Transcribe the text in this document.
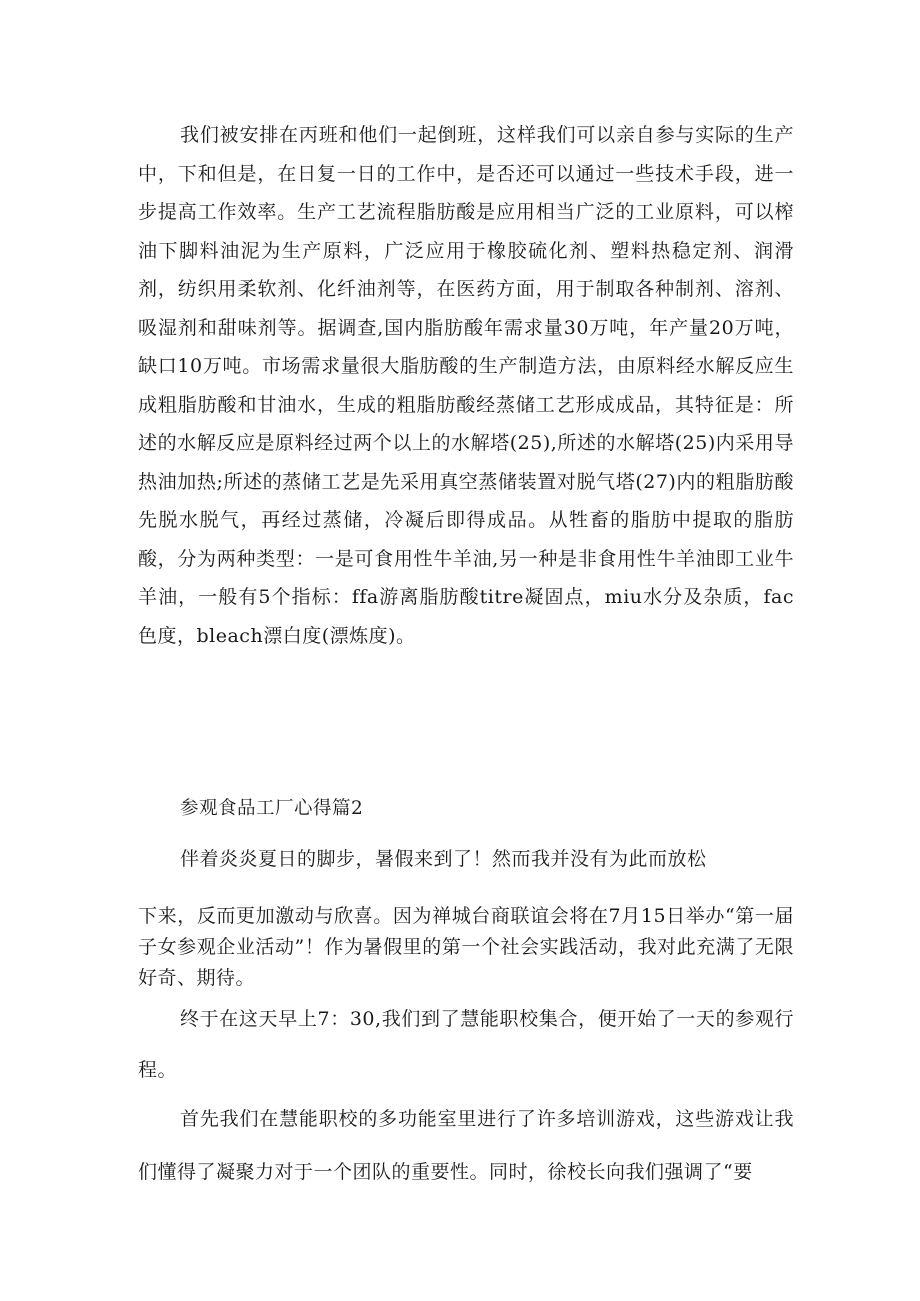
我们被安排在丙班和他们一起倒班，这样我们可以亲自参与实际的生产中，下和但是，在日复一日的工作中，是否还可以通过一些技术手段，进一步提高工作效率。生产工艺流程脂肪酸是应用相当广泛的工业原料，可以榨油下脚料油泥为生产原料，广泛应用于橡胶硫化剂、塑料热稳定剂、润滑剂，纺织用柔软剂、化纤油剂等，在医药方面，用于制取各种制剂、溶剂、吸湿剂和甜味剂等。据调查,国内脂肪酸年需求量30万吨，年产量20万吨，缺口10万吨。市场需求量很大脂肪酸的生产制造方法，由原料经水解反应生成粗脂肪酸和甘油水，生成的粗脂肪酸经蒸储工艺形成成品，其特征是：所述的水解反应是原料经过两个以上的水解塔(25),所述的水解塔(25)内采用导热油加热;所述的蒸储工艺是先采用真空蒸储装置对脱气塔(27)内的粗脂肪酸先脱水脱气，再经过蒸储，冷凝后即得成品。从牲畜的脂肪中提取的脂肪酸，分为两种类型：一是可食用性牛羊油,另一种是非食用性牛羊油即工业牛羊油，一般有5个指标：ffa游离脂肪酸titre凝固点，miu水分及杂质，fac色度，bleach漂白度(漂炼度)。

参观食品工厂心得篇2

伴着炎炎夏日的脚步，暑假来到了！然而我并没有为此而放松

下来，反而更加激动与欣喜。因为禅城台商联谊会将在7月15日举办“第一届子女参观企业活动”！作为暑假里的第一个社会实践活动，我对此充满了无限好奇、期待。

终于在这天早上7：30,我们到了慧能职校集合，便开始了一天的参观行程。

首先我们在慧能职校的多功能室里进行了许多培训游戏，这些游戏让我们懂得了凝聚力对于一个团队的重要性。同时，徐校长向我们强调了“要
